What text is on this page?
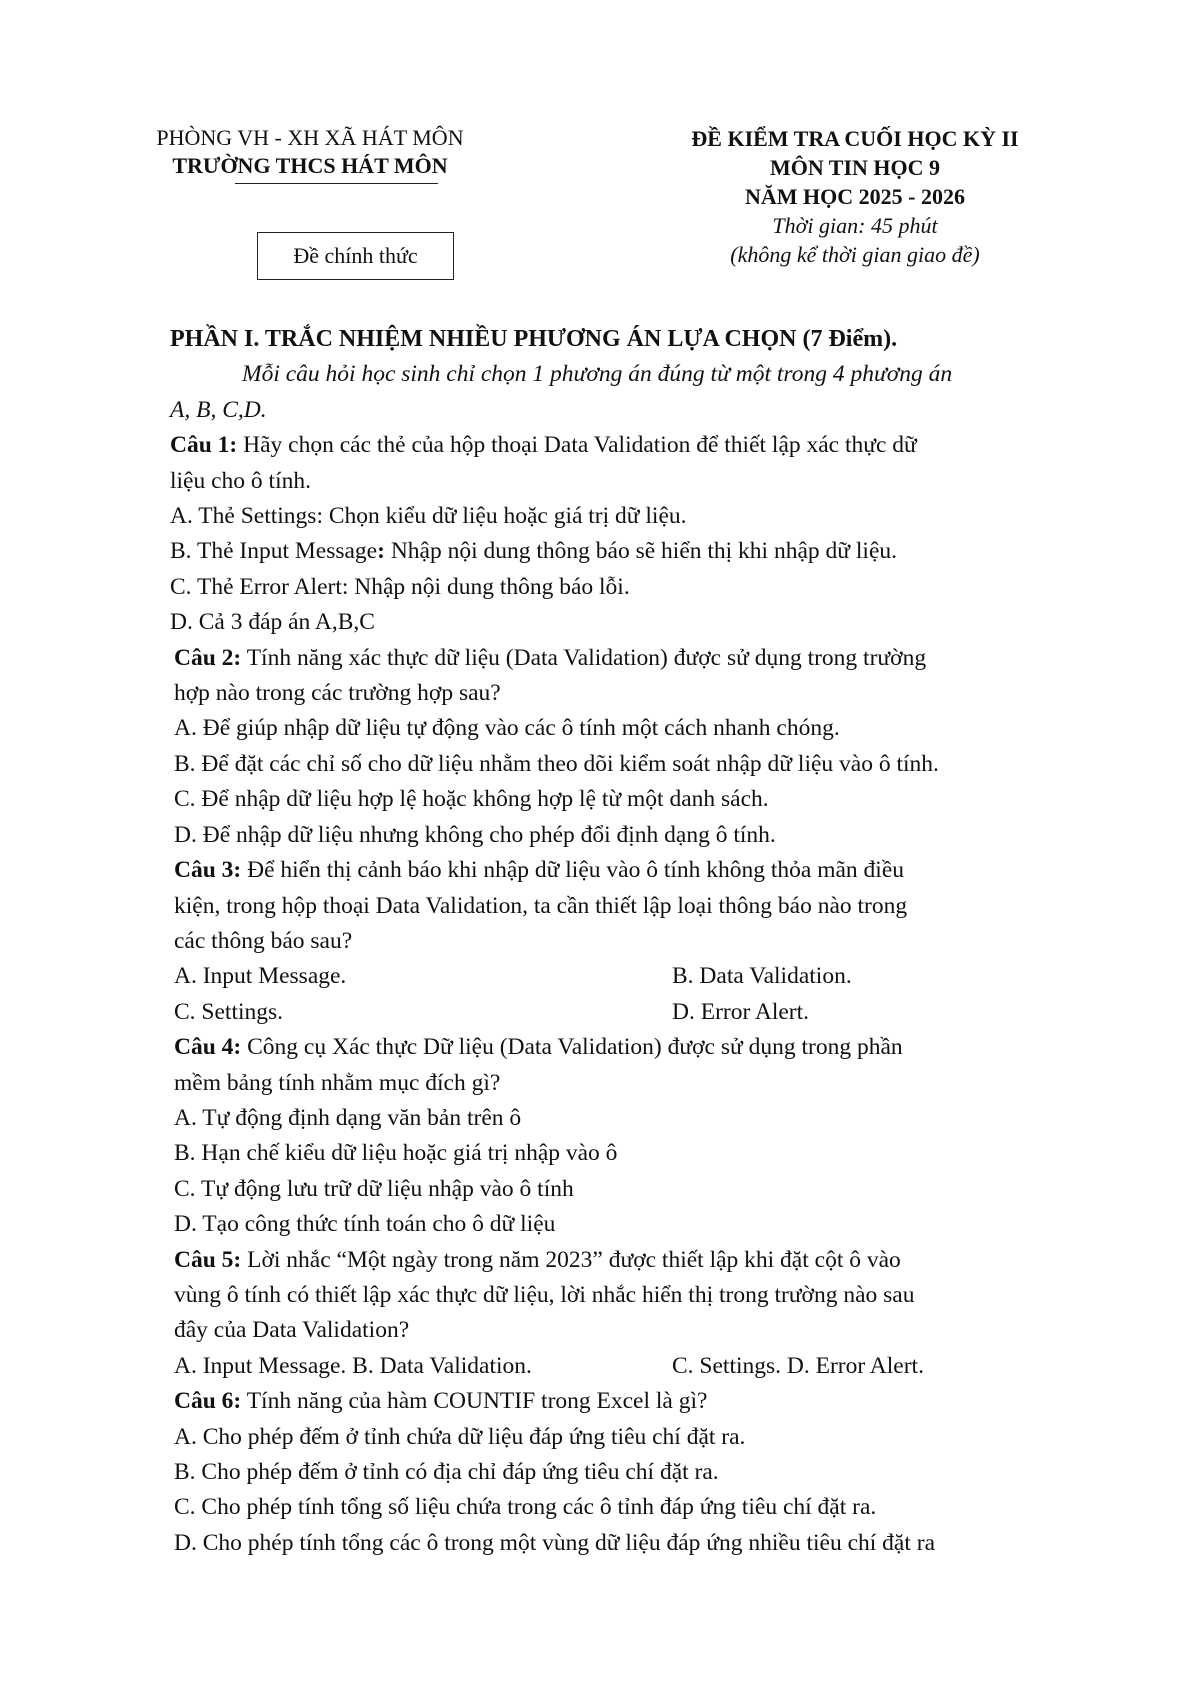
PHÒNG VH - XH XÃ HÁT MÔN
TRƯỜNG THCS HÁT MÔN
ĐỀ KIỂM TRA CUỐI HỌC KỲ II
MÔN TIN HỌC 9
NĂM HỌC 2025 - 2026
Thời gian: 45 phút
(không kể thời gian giao đề)
Đề chính thức
PHẦN I. TRẮC NHIỆM NHIỀU PHƯƠNG ÁN LỰA CHỌN (7 Điểm).
Mỗi câu hỏi học sinh chỉ chọn 1 phương án đúng từ một trong 4 phương án
A, B, C,D.
Câu 1: Hãy chọn các thẻ của hộp thoại Data Validation để thiết lập xác thực dữ
liệu cho ô tính.
A. Thẻ Settings: Chọn kiểu dữ liệu hoặc giá trị dữ liệu.
B. Thẻ Input Message: Nhập nội dung thông báo sẽ hiển thị khi nhập dữ liệu.
C. Thẻ Error Alert: Nhập nội dung thông báo lỗi.
D. Cả 3 đáp án A,B,C
Câu 2: Tính năng xác thực dữ liệu (Data Validation) được sử dụng trong trường
hợp nào trong các trường hợp sau?
A. Để giúp nhập dữ liệu tự động vào các ô tính một cách nhanh chóng.
B. Để đặt các chỉ số cho dữ liệu nhằm theo dõi kiểm soát nhập dữ liệu vào ô tính.
C. Để nhập dữ liệu hợp lệ hoặc không hợp lệ từ một danh sách.
D. Để nhập dữ liệu nhưng không cho phép đổi định dạng ô tính.
Câu 3: Để hiển thị cảnh báo khi nhập dữ liệu vào ô tính không thỏa mãn điều
kiện, trong hộp thoại Data Validation, ta cần thiết lập loại thông báo nào trong
các thông báo sau?
A. Input Message.	B. Data Validation.
C. Settings.	D. Error Alert.
Câu 4: Công cụ Xác thực Dữ liệu (Data Validation) được sử dụng trong phần
mềm bảng tính nhằm mục đích gì?
A. Tự động định dạng văn bản trên ô
B. Hạn chế kiểu dữ liệu hoặc giá trị nhập vào ô
C. Tự động lưu trữ dữ liệu nhập vào ô tính
D. Tạo công thức tính toán cho ô dữ liệu
Câu 5: Lời nhắc “Một ngày trong năm 2023” được thiết lập khi đặt cột ô vào
vùng ô tính có thiết lập xác thực dữ liệu, lời nhắc hiển thị trong trường nào sau
đây của Data Validation?
A. Input Message. B. Data Validation.	C. Settings. D. Error Alert.
Câu 6: Tính năng của hàm COUNTIF trong Excel là gì?
A. Cho phép đếm ở tỉnh chứa dữ liệu đáp ứng tiêu chí đặt ra.
B. Cho phép đếm ở tỉnh có địa chỉ đáp ứng tiêu chí đặt ra.
C. Cho phép tính tổng số liệu chứa trong các ô tỉnh đáp ứng tiêu chí đặt ra.
D. Cho phép tính tổng các ô trong một vùng dữ liệu đáp ứng nhiều tiêu chí đặt ra
